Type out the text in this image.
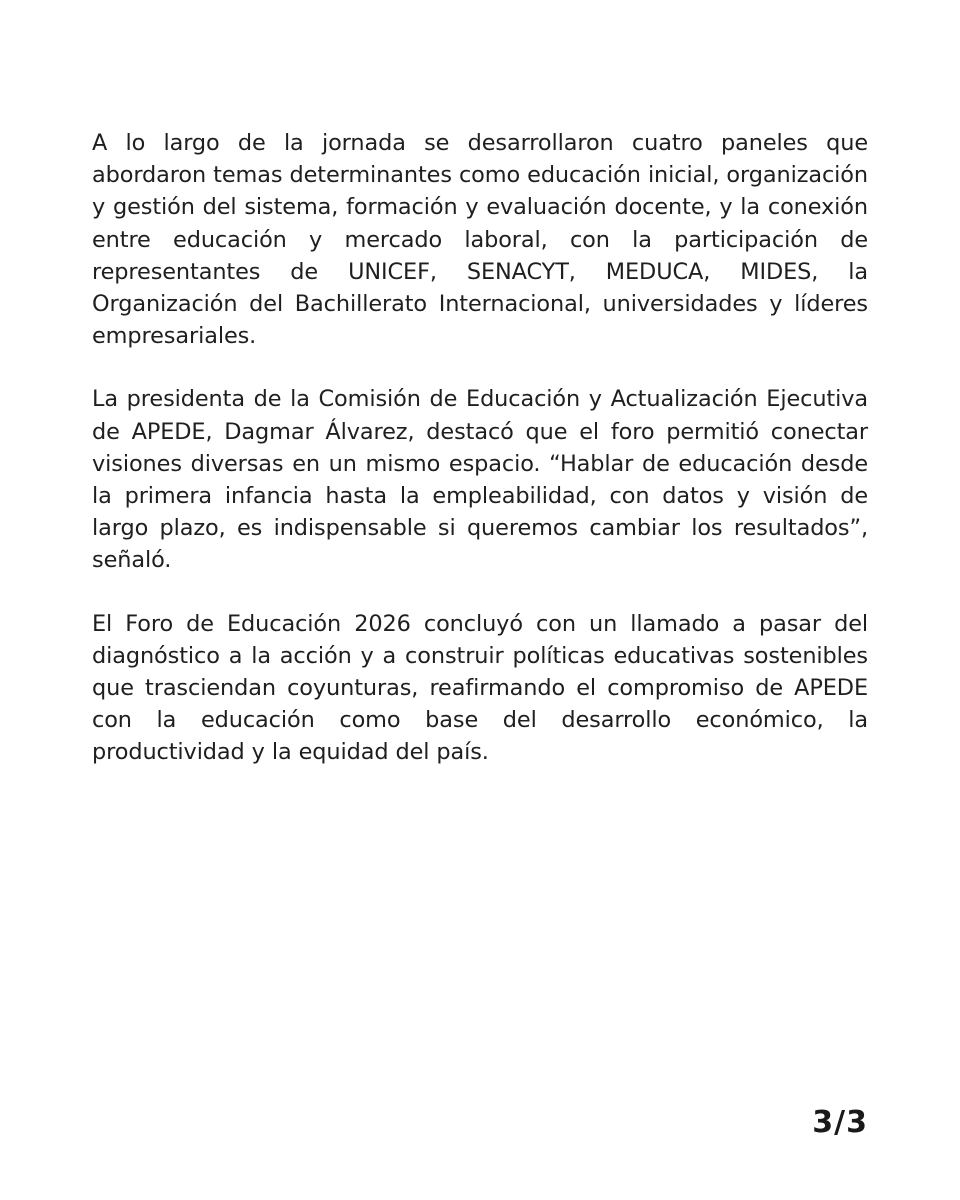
A lo largo de la jornada se desarrollaron cuatro paneles que abordaron temas determinantes como educación inicial, organización y gestión del sistema, formación y evaluación docente, y la conexión entre educación y mercado laboral, con la participación de representantes de UNICEF, SENACYT, MEDUCA, MIDES, la Organización del Bachillerato Internacional, universidades y líderes empresariales.

La presidenta de la Comisión de Educación y Actualización Ejecutiva de APEDE, Dagmar Álvarez, destacó que el foro permitió conectar visiones diversas en un mismo espacio. “Hablar de educación desde la primera infancia hasta la empleabilidad, con datos y visión de largo plazo, es indispensable si queremos cambiar los resultados”, señaló.

El Foro de Educación 2026 concluyó con un llamado a pasar del diagnóstico a la acción y a construir políticas educativas sostenibles que trasciendan coyunturas, reafirmando el compromiso de APEDE con la educación como base del desarrollo económico, la productividad y la equidad del país.

3/3
